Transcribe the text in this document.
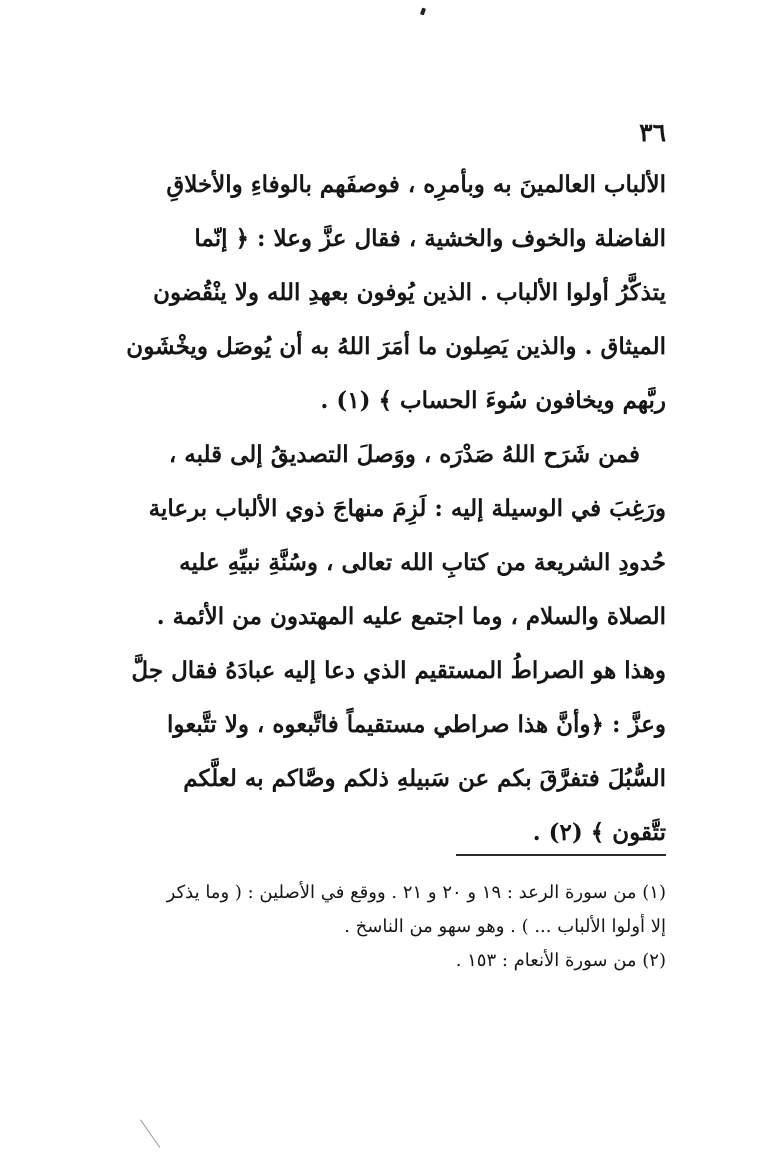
٣٦
الألباب العالمينَ به وبأمرِه ، فوصفَهم بالوفاءِ والأخلاقِ
الفاضلة والخوف والخشية ، فقال عزَّ وعلا : ﴿ إنّما
يتذكَّرُ أولوا الألباب . الذين يُوفون بعهدِ الله ولا ينْقُضون
الميثاق . والذين يَصِلون ما أمَرَ اللهُ به أن يُوصَل ويخْشَون
ربَّهم ويخافون سُوءَ الحساب ﴾ (١) .
فمن شَرَح اللهُ صَدْرَه ، ووَصلَ التصديقُ إلى قلبه ،
ورَغِبَ في الوسيلة إليه : لَزِمَ منهاجَ ذوي الألباب برعاية
حُدودِ الشريعة من كتابِ الله تعالى ، وسُنَّةِ نبيِّهِ عليه
الصلاة والسلام ، وما اجتمع عليه المهتدون من الأئمة .
وهذا هو الصراطُ المستقيم الذي دعا إليه عبادَهُ فقال جلَّ
وعزَّ : ﴿وأنَّ هذا صراطي مستقيماً فاتَّبعوه ، ولا تتَّبعوا
السُّبُلَ فتفرَّقَ بكم عن سَبيلهِ ذلكم وصَّاكم به لعلَّكم
تتَّقون ﴾ (٢) .
(١) من سورة الرعد : ١٩ و ٢٠ و ٢١ . ووقع في الأصلين : ( وما يذكر
إلا أولوا الألباب ... ) . وهو سهو من الناسخ .
(٢) من سورة الأنعام : ١٥٣ .
